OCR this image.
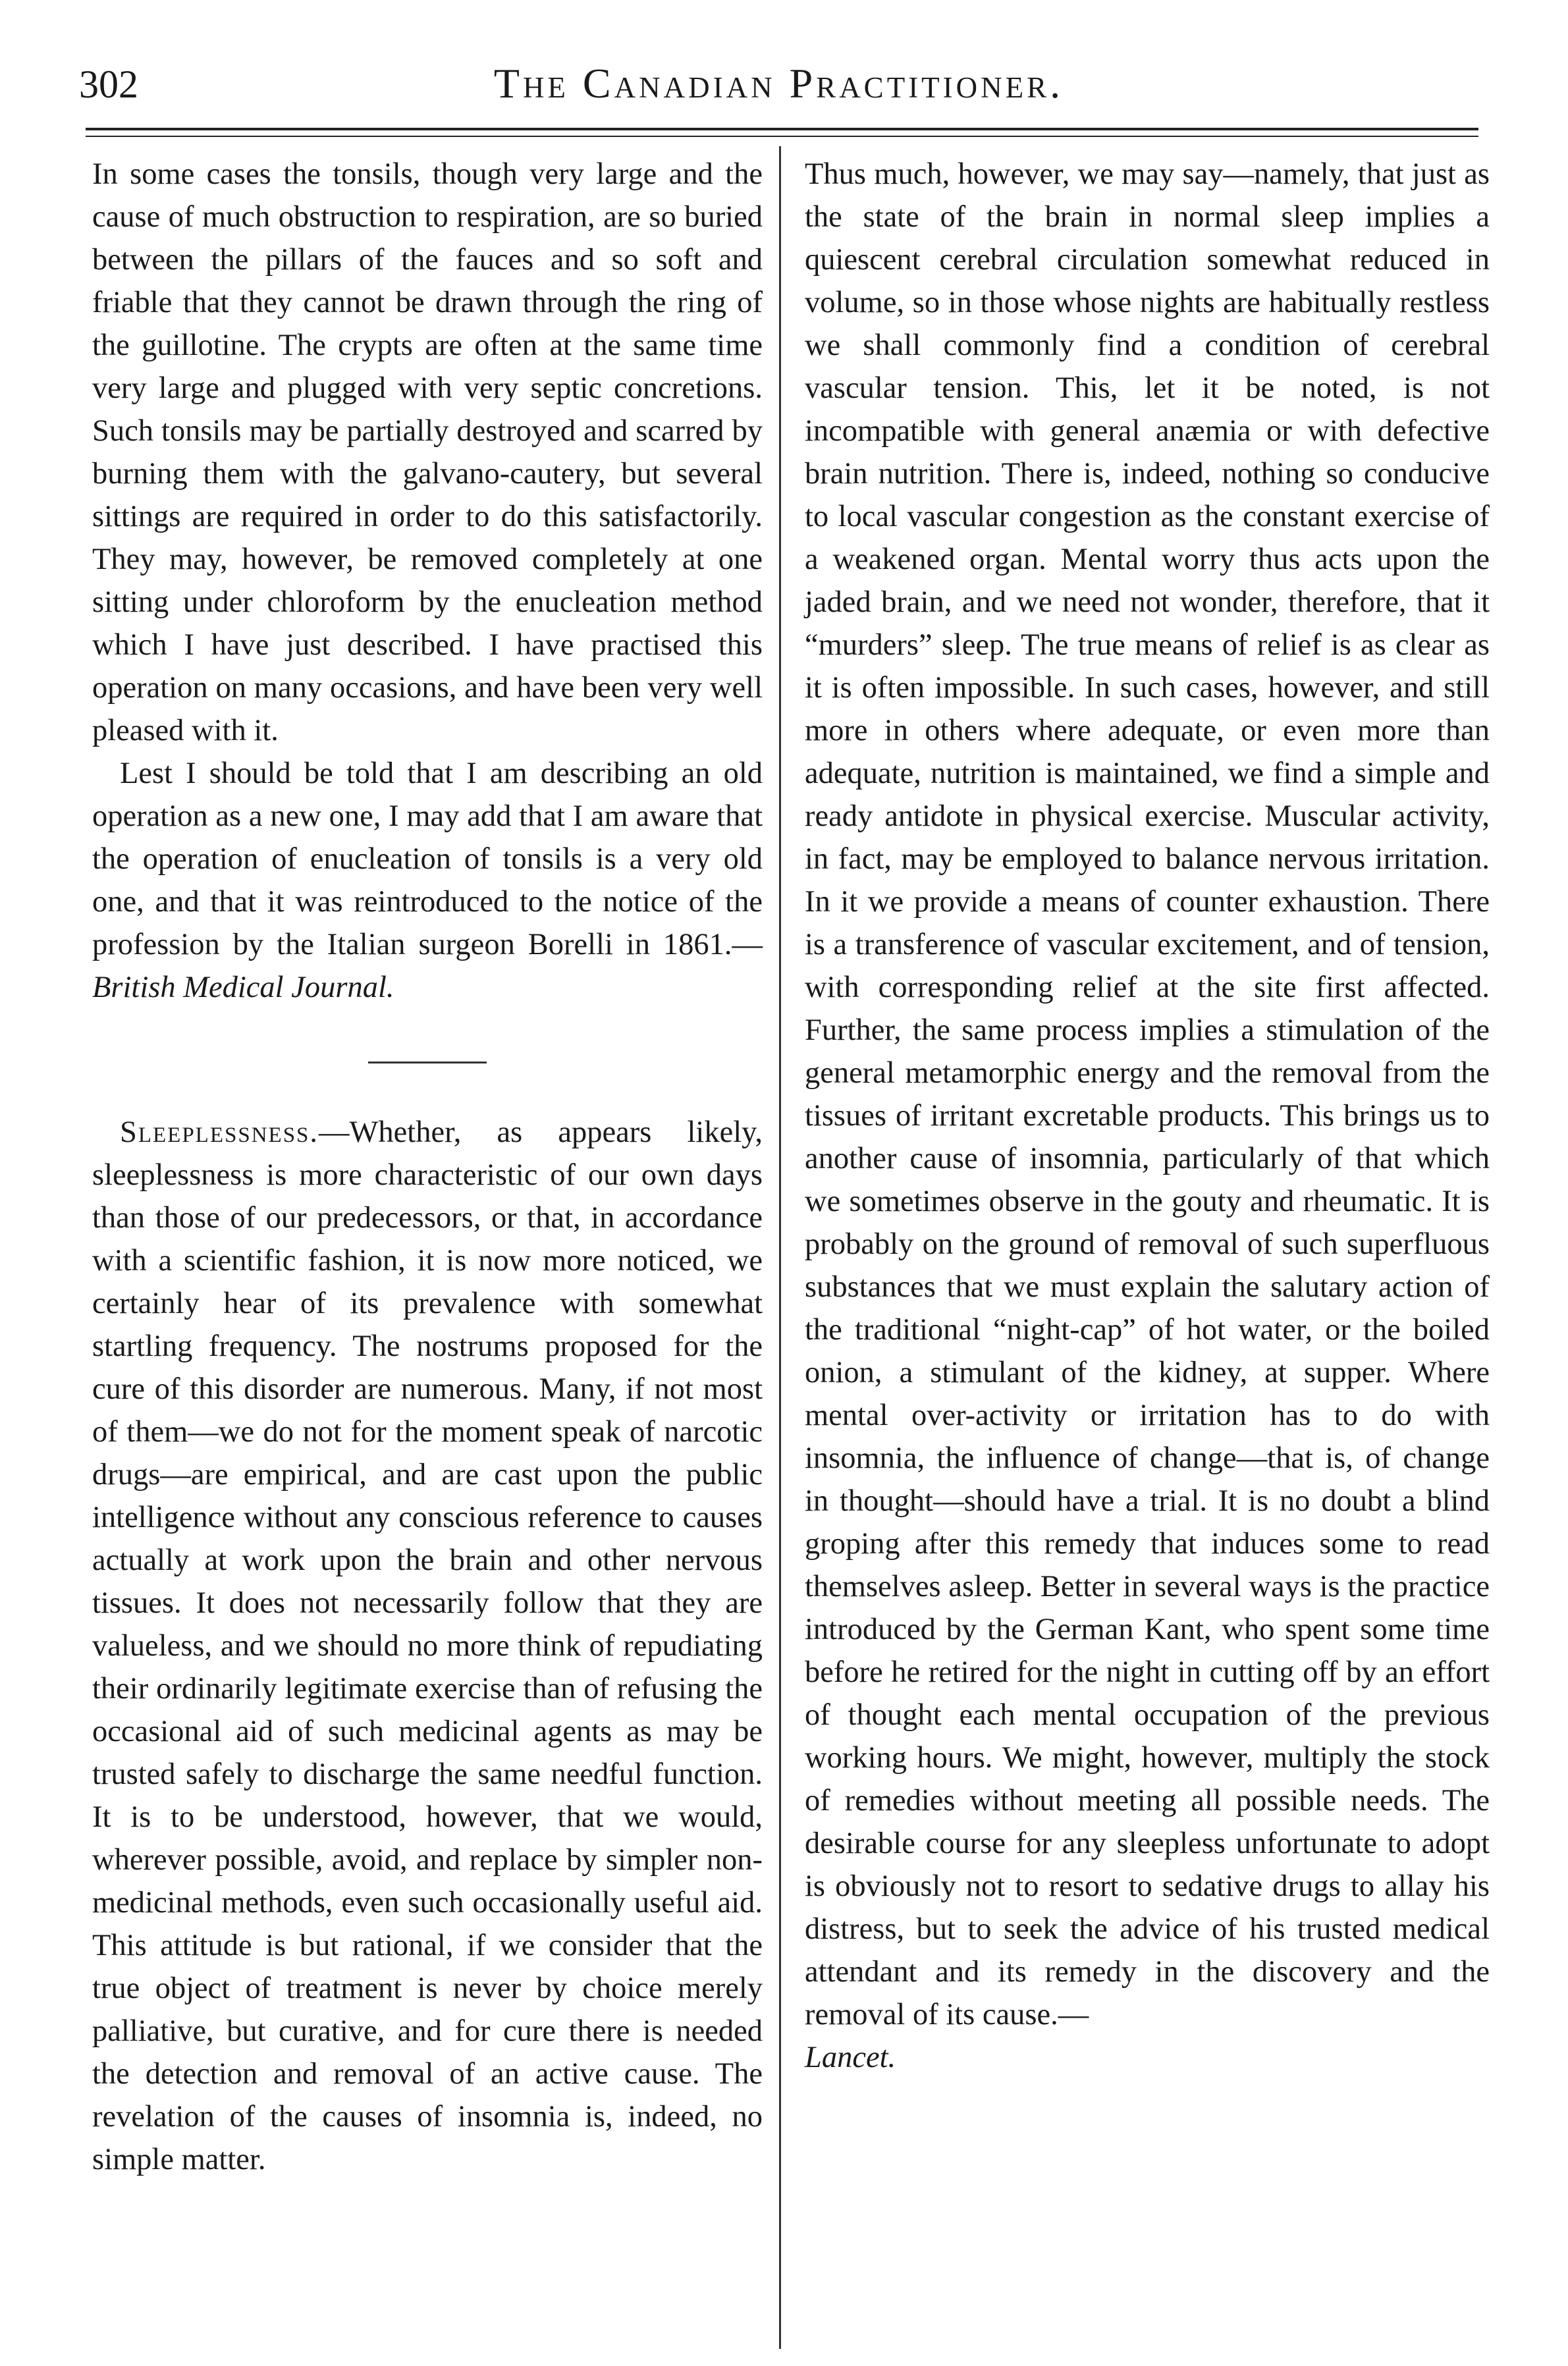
302	The Canadian Practitioner.

In some cases the tonsils, though very large and the cause of much obstruction to respiration, are so buried between the pillars of the fauces and so soft and friable that they cannot be drawn through the ring of the guillotine. The crypts are often at the same time very large and plugged with very septic concretions. Such tonsils may be partially destroyed and scarred by burning them with the galvano-cautery, but several sittings are required in order to do this satisfactorily. They may, however, be removed completely at one sitting under chloroform by the enucleation method which I have just described. I have practised this operation on many occasions, and have been very well pleased with it.

Lest I should be told that I am describing an old operation as a new one, I may add that I am aware that the operation of enucleation of tonsils is a very old one, and that it was reintroduced to the notice of the profession by the Italian surgeon Borelli in 1861.—British Medical Journal.

Sleeplessness.—Whether, as appears likely, sleeplessness is more characteristic of our own days than those of our predecessors, or that, in accordance with a scientific fashion, it is now more noticed, we certainly hear of its prevalence with somewhat startling frequency. The nostrums proposed for the cure of this disorder are numerous. Many, if not most of them—we do not for the moment speak of narcotic drugs—are empirical, and are cast upon the public intelligence without any conscious reference to causes actually at work upon the brain and other nervous tissues. It does not necessarily follow that they are valueless, and we should no more think of repudiating their ordinarily legitimate exercise than of refusing the occasional aid of such medicinal agents as may be trusted safely to discharge the same needful function. It is to be understood, however, that we would, wherever possible, avoid, and replace by simpler non-medicinal methods, even such occasionally useful aid. This attitude is but rational, if we consider that the true object of treatment is never by choice merely palliative, but curative, and for cure there is needed the detection and removal of an active cause. The revelation of the causes of insomnia is, indeed, no simple matter.

Thus much, however, we may say—namely, that just as the state of the brain in normal sleep implies a quiescent cerebral circulation somewhat reduced in volume, so in those whose nights are habitually restless we shall commonly find a condition of cerebral vascular tension. This, let it be noted, is not incompatible with general anæmia or with defective brain nutrition. There is, indeed, nothing so conducive to local vascular congestion as the constant exercise of a weakened organ. Mental worry thus acts upon the jaded brain, and we need not wonder, therefore, that it “murders” sleep. The true means of relief is as clear as it is often impossible. In such cases, however, and still more in others where adequate, or even more than adequate, nutrition is maintained, we find a simple and ready antidote in physical exercise. Muscular activity, in fact, may be employed to balance nervous irritation. In it we provide a means of counter exhaustion. There is a transference of vascular excitement, and of tension, with corresponding relief at the site first affected. Further, the same process implies a stimulation of the general metamorphic energy and the removal from the tissues of irritant excretable products. This brings us to another cause of insomnia, particularly of that which we sometimes observe in the gouty and rheumatic. It is probably on the ground of removal of such superfluous substances that we must explain the salutary action of the traditional “night-cap” of hot water, or the boiled onion, a stimulant of the kidney, at supper. Where mental over-activity or irritation has to do with insomnia, the influence of change—that is, of change in thought—should have a trial. It is no doubt a blind groping after this remedy that induces some to read themselves asleep. Better in several ways is the practice introduced by the German Kant, who spent some time before he retired for the night in cutting off by an effort of thought each mental occupation of the previous working hours. We might, however, multiply the stock of remedies without meeting all possible needs. The desirable course for any sleepless unfortunate to adopt is obviously not to resort to sedative drugs to allay his distress, but to seek the advice of his trusted medical attendant and its remedy in the discovery and the removal of its cause.—
Lancet.
